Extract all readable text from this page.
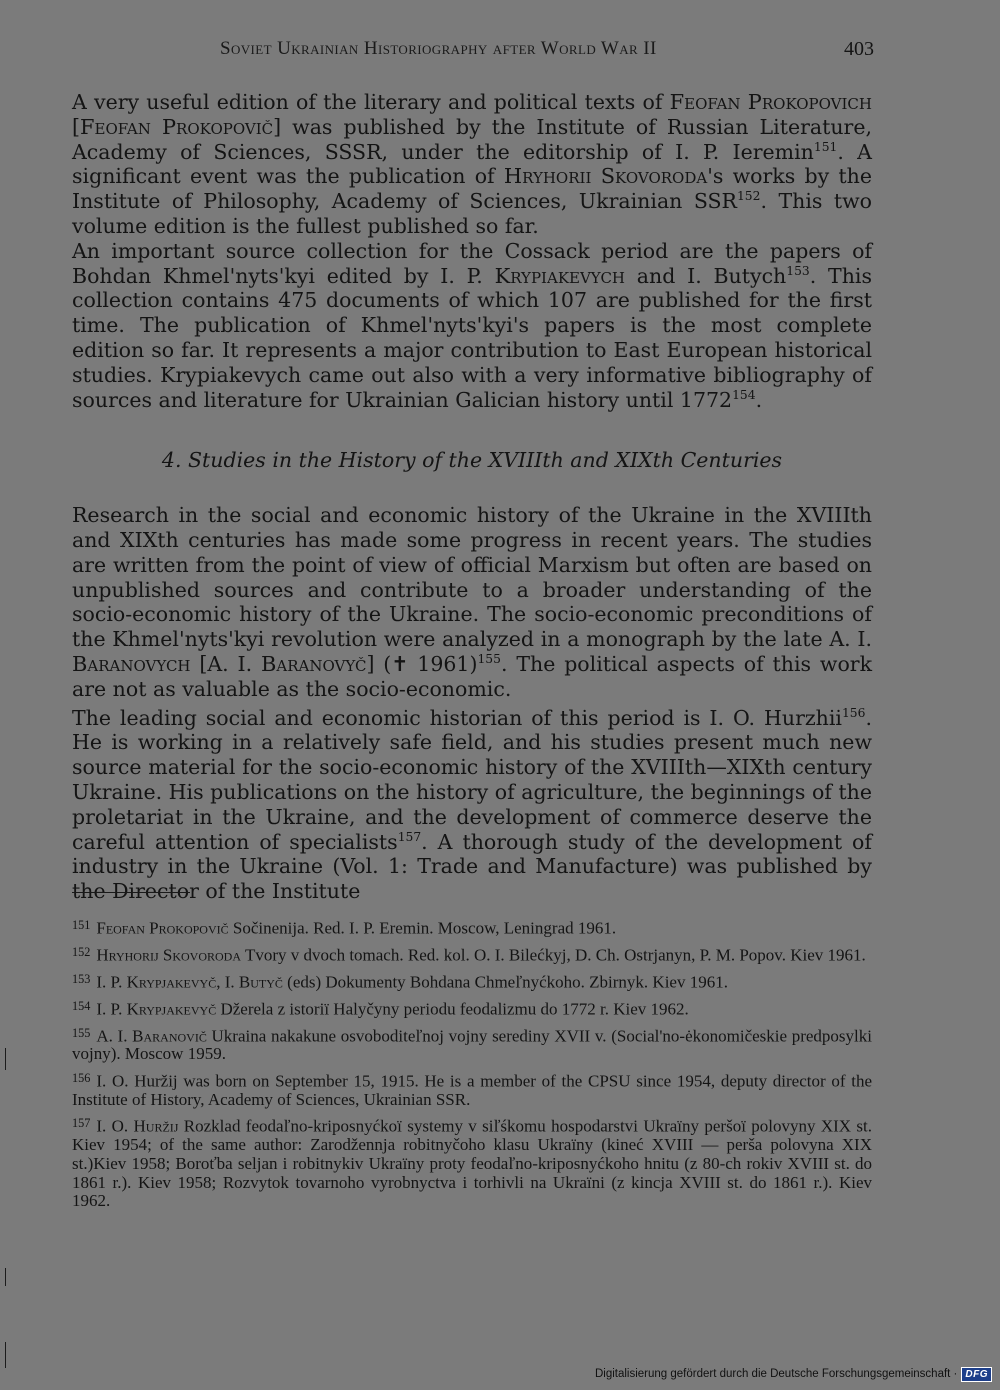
Soviet Ukrainian Historiography after World War II	403

A very useful edition of the literary and political texts of Feofan Prokopovich [Feofan Prokopovič] was published by the Institute of Russian Literature, Academy of Sciences, SSSR, under the editorship of I. P. Ieremin$^{151}$. A significant event was the publication of Hryhorii Skovoroda's works by the Institute of Philosophy, Academy of Sciences, Ukrainian SSR$^{152}$. This two volume edition is the fullest published so far.

An important source collection for the Cossack period are the papers of Bohdan Khmel'nyts'kyi edited by I. P. Krypiakevych and I. Butych$^{153}$. This collection contains 475 documents of which 107 are published for the first time. The publication of Khmel'nyts'kyi's papers is the most complete edition so far. It represents a major contribution to East European historical studies. Krypiakevych came out also with a very informative bibliography of sources and literature for Ukrainian Galician history until 1772$^{154}$.

4. Studies in the History of the XVIIIth and XIXth Centuries

Research in the social and economic history of the Ukraine in the XVIIIth and XIXth centuries has made some progress in recent years. The studies are written from the point of view of official Marxism but often are based on unpublished sources and contribute to a broader understanding of the socio-economic history of the Ukraine. The socio-economic preconditions of the Khmel'nyts'kyi revolution were analyzed in a monograph by the late A. I. Baranovych [A. I. Baranovyč] (✝ 1961)$^{155}$. The political aspects of this work are not as valuable as the socio-economic.

The leading social and economic historian of this period is I. O. Hurzhii$^{156}$. He is working in a relatively safe field, and his studies present much new source material for the socio-economic history of the XVIIIth—XIXth century Ukraine. His publications on the history of agriculture, the beginnings of the proletariat in the Ukraine, and the development of commerce deserve the careful attention of specialists$^{157}$. A thorough study of the development of industry in the Ukraine (Vol. 1: Trade and Manufacture) was published by the Director of the Institute

$^{151}$ Feofan Prokopovič Sočinenija. Red. I. P. Eremin. Moscow, Leningrad 1961.

$^{152}$ Hryhorij Skovoroda Tvory v dvoch tomach. Red. kol. O. I. Bilećkyj, D. Ch. Ostrjanyn, P. M. Popov. Kiev 1961.

$^{153}$ I. P. Krypjakevyč, I. Butyč (eds) Dokumenty Bohdana Chmeľnyćkoho. Zbirnyk. Kiev 1961.

$^{154}$ I. P. Krypjakevyč Džerela z istoriï Halyčyny periodu feodalizmu do 1772 r. Kiev 1962.

$^{155}$ A. I. Baranovič Ukraina nakakune osvoboditeľnoj vojny serediny XVII v. (Social'no-ėkonomičeskie predposylki vojny). Moscow 1959.

$^{156}$ I. O. Huržij was born on September 15, 1915. He is a member of the CPSU since 1954, deputy director of the Institute of History, Academy of Sciences, Ukrainian SSR.

$^{157}$ I. O. Huržij Rozklad feodaľno-kriposnyćkoï systemy v siľśkomu hospodarstvi Ukraïny peršoï polovyny XIX st. Kiev 1954; of the same author: Zarodžennja robitnyčoho klasu Ukraïny (kineć XVIII — perša polovyna XIX st.)Kiev 1958; Boroťba seljan i robitnykiv Ukraïny proty feodaľno-kriposnyćkoho hnitu (z 80-ch rokiv XVIII st. do 1861 r.). Kiev 1958; Rozvytok tovarnoho vyrobnyctva i torhivli na Ukraïni (z kincja XVIII st. do 1861 r.). Kiev 1962.

Digitalisierung gefördert durch die Deutsche Forschungsgemeinschaft · DFG
